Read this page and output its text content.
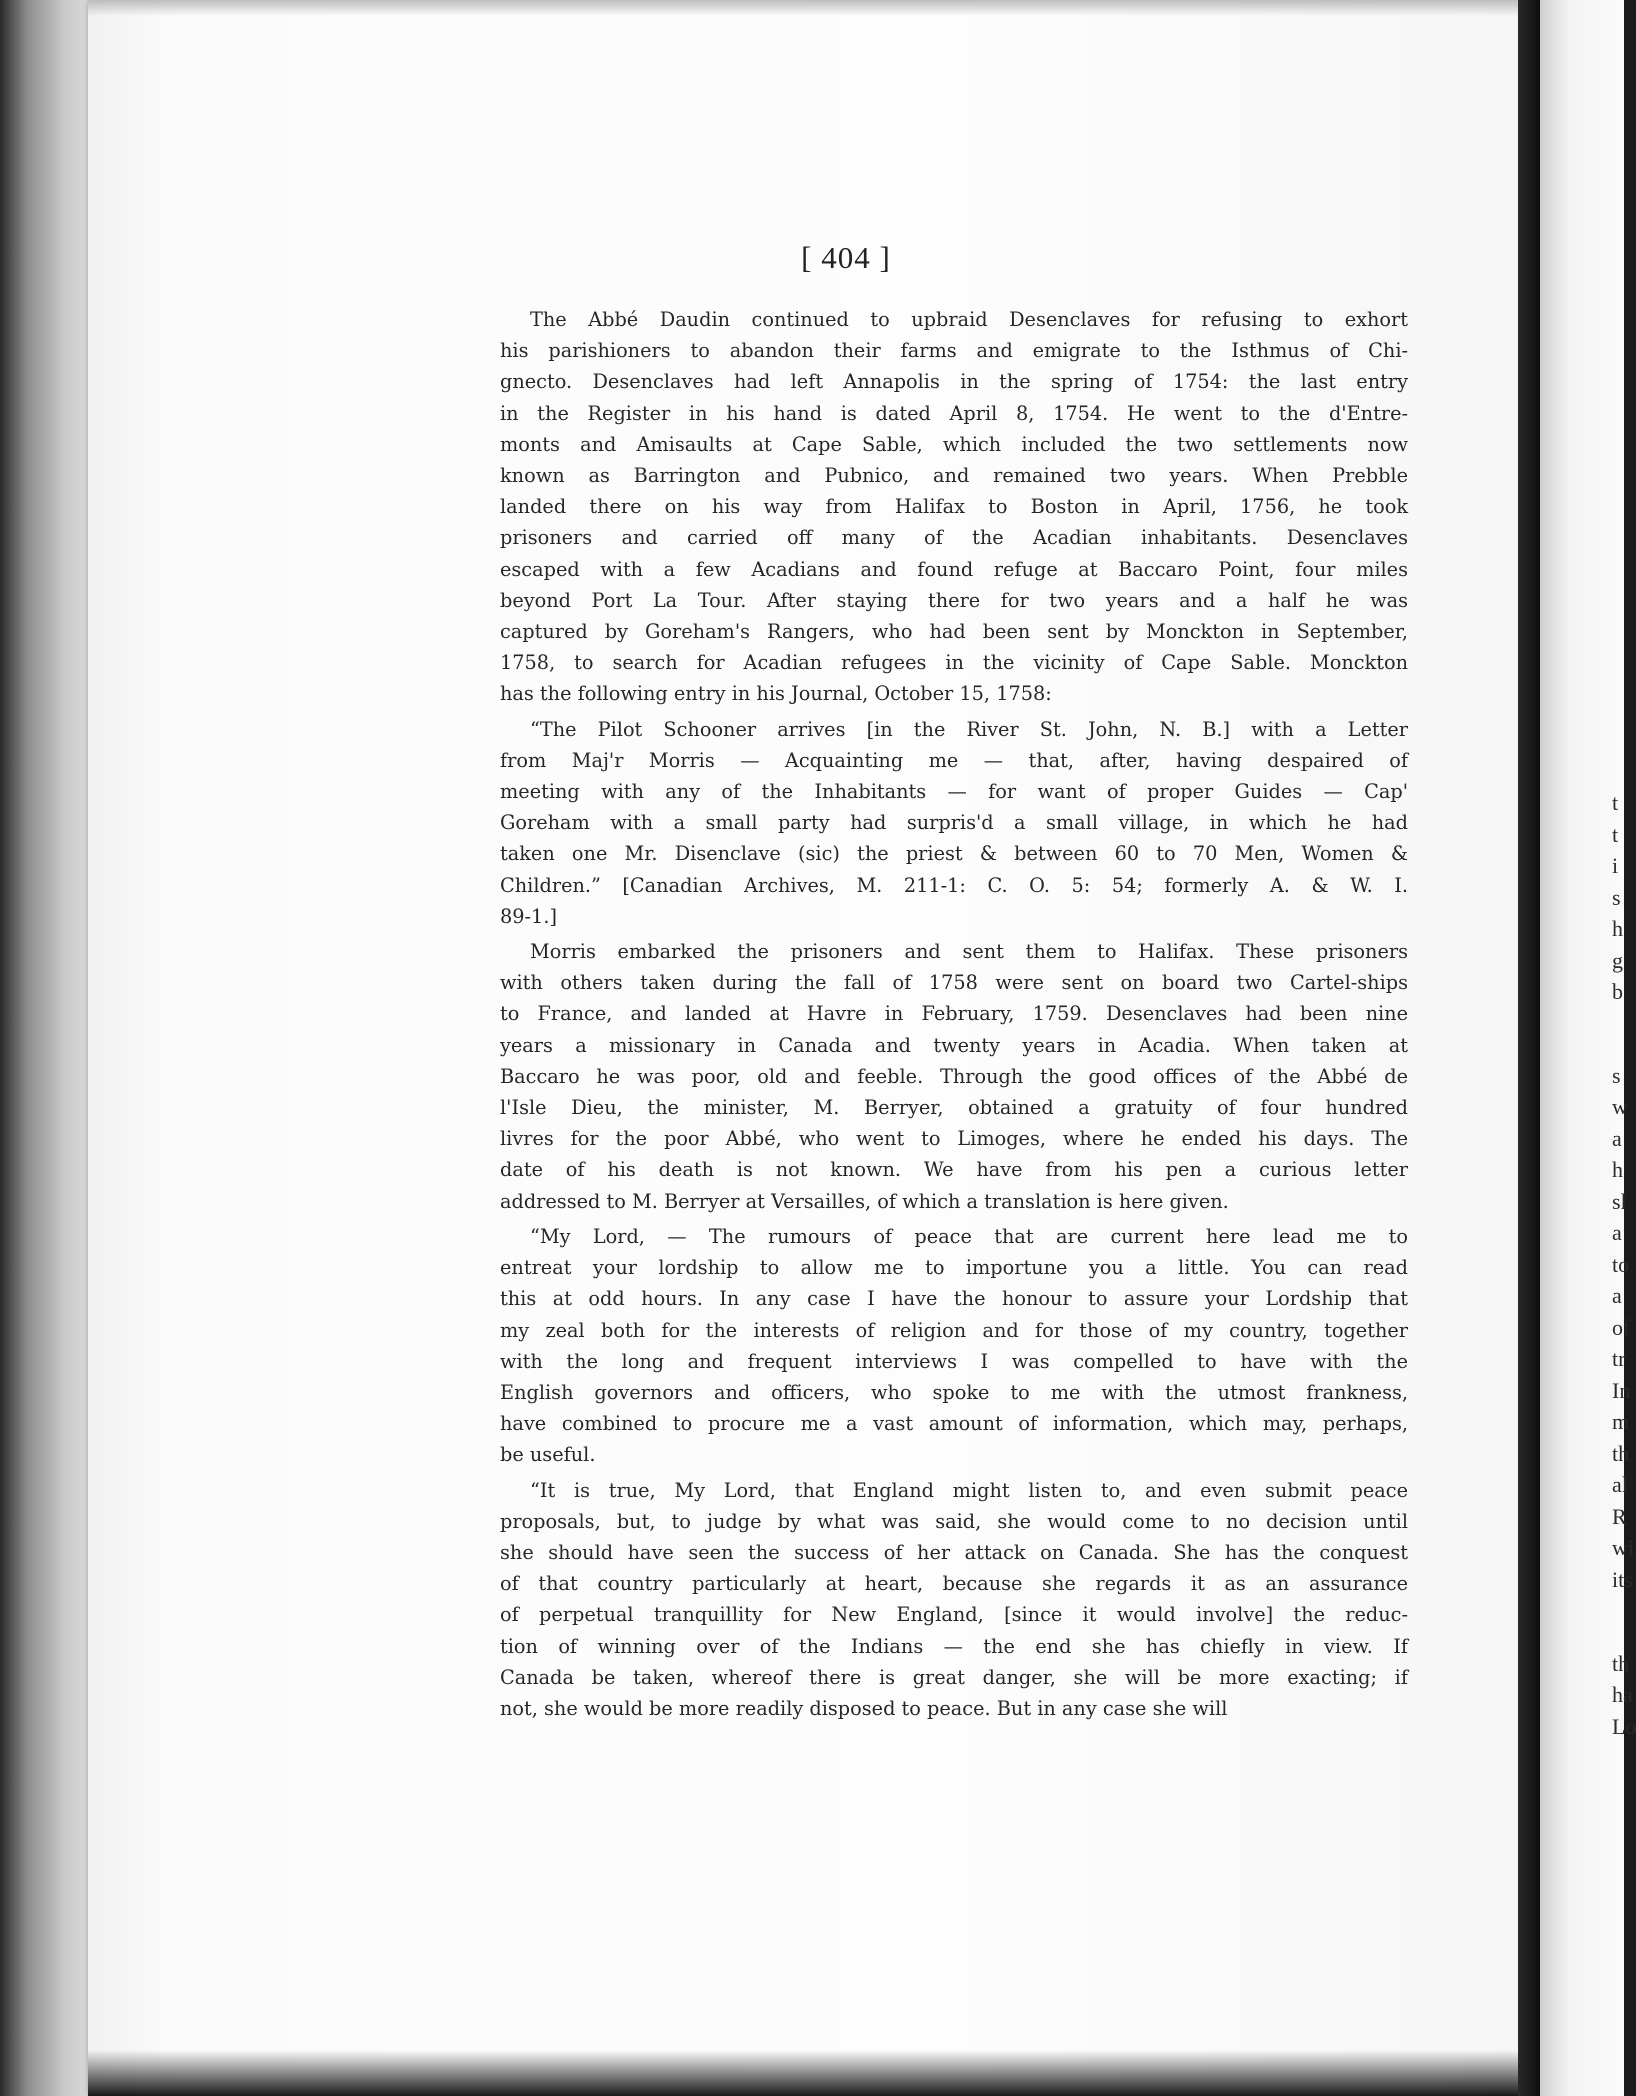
t
t
i
s
h
g
b
s
w
a
h
sl
a
to
a
of
tr
In
m
th
al
R
wi
its
th
ha
Lo
[ 404 ]
The Abbé Daudin continued to upbraid Desenclaves for refusing to exhort
his parishioners to abandon their farms and emigrate to the Isthmus of Chi-
gnecto. Desenclaves had left Annapolis in the spring of 1754: the last entry
in the Register in his hand is dated April 8, 1754. He went to the d'Entre-
monts and Amisaults at Cape Sable, which included the two settlements now
known as Barrington and Pubnico, and remained two years. When Prebble
landed there on his way from Halifax to Boston in April, 1756, he took
prisoners and carried off many of the Acadian inhabitants. Desenclaves
escaped with a few Acadians and found refuge at Baccaro Point, four miles
beyond Port La Tour. After staying there for two years and a half he was
captured by Goreham's Rangers, who had been sent by Monckton in September,
1758, to search for Acadian refugees in the vicinity of Cape Sable. Monckton
has the following entry in his Journal, October 15, 1758:
“The Pilot Schooner arrives [in the River St. John, N. B.] with a Letter
from Maj'r Morris — Acquainting me — that, after, having despaired of
meeting with any of the Inhabitants — for want of proper Guides — Cap'
Goreham with a small party had surpris'd a small village, in which he had
taken one Mr. Disenclave (sic) the priest & between 60 to 70 Men, Women &
Children.” [Canadian Archives, M. 211-1: C. O. 5: 54; formerly A. & W. I.
89-1.]
Morris embarked the prisoners and sent them to Halifax. These prisoners
with others taken during the fall of 1758 were sent on board two Cartel-ships
to France, and landed at Havre in February, 1759. Desenclaves had been nine
years a missionary in Canada and twenty years in Acadia. When taken at
Baccaro he was poor, old and feeble. Through the good offices of the Abbé de
l'Isle Dieu, the minister, M. Berryer, obtained a gratuity of four hundred
livres for the poor Abbé, who went to Limoges, where he ended his days. The
date of his death is not known. We have from his pen a curious letter
addressed to M. Berryer at Versailles, of which a translation is here given.
“My Lord, — The rumours of peace that are current here lead me to
entreat your lordship to allow me to importune you a little. You can read
this at odd hours. In any case I have the honour to assure your Lordship that
my zeal both for the interests of religion and for those of my country, together
with the long and frequent interviews I was compelled to have with the
English governors and officers, who spoke to me with the utmost frankness,
have combined to procure me a vast amount of information, which may, perhaps,
be useful.
“It is true, My Lord, that England might listen to, and even submit peace
proposals, but, to judge by what was said, she would come to no decision until
she should have seen the success of her attack on Canada. She has the conquest
of that country particularly at heart, because she regards it as an assurance
of perpetual tranquillity for New England, [since it would involve] the reduc-
tion of winning over of the Indians — the end she has chiefly in view. If
Canada be taken, whereof there is great danger, she will be more exacting; if
not, she would be more readily disposed to peace. But in any case she will
